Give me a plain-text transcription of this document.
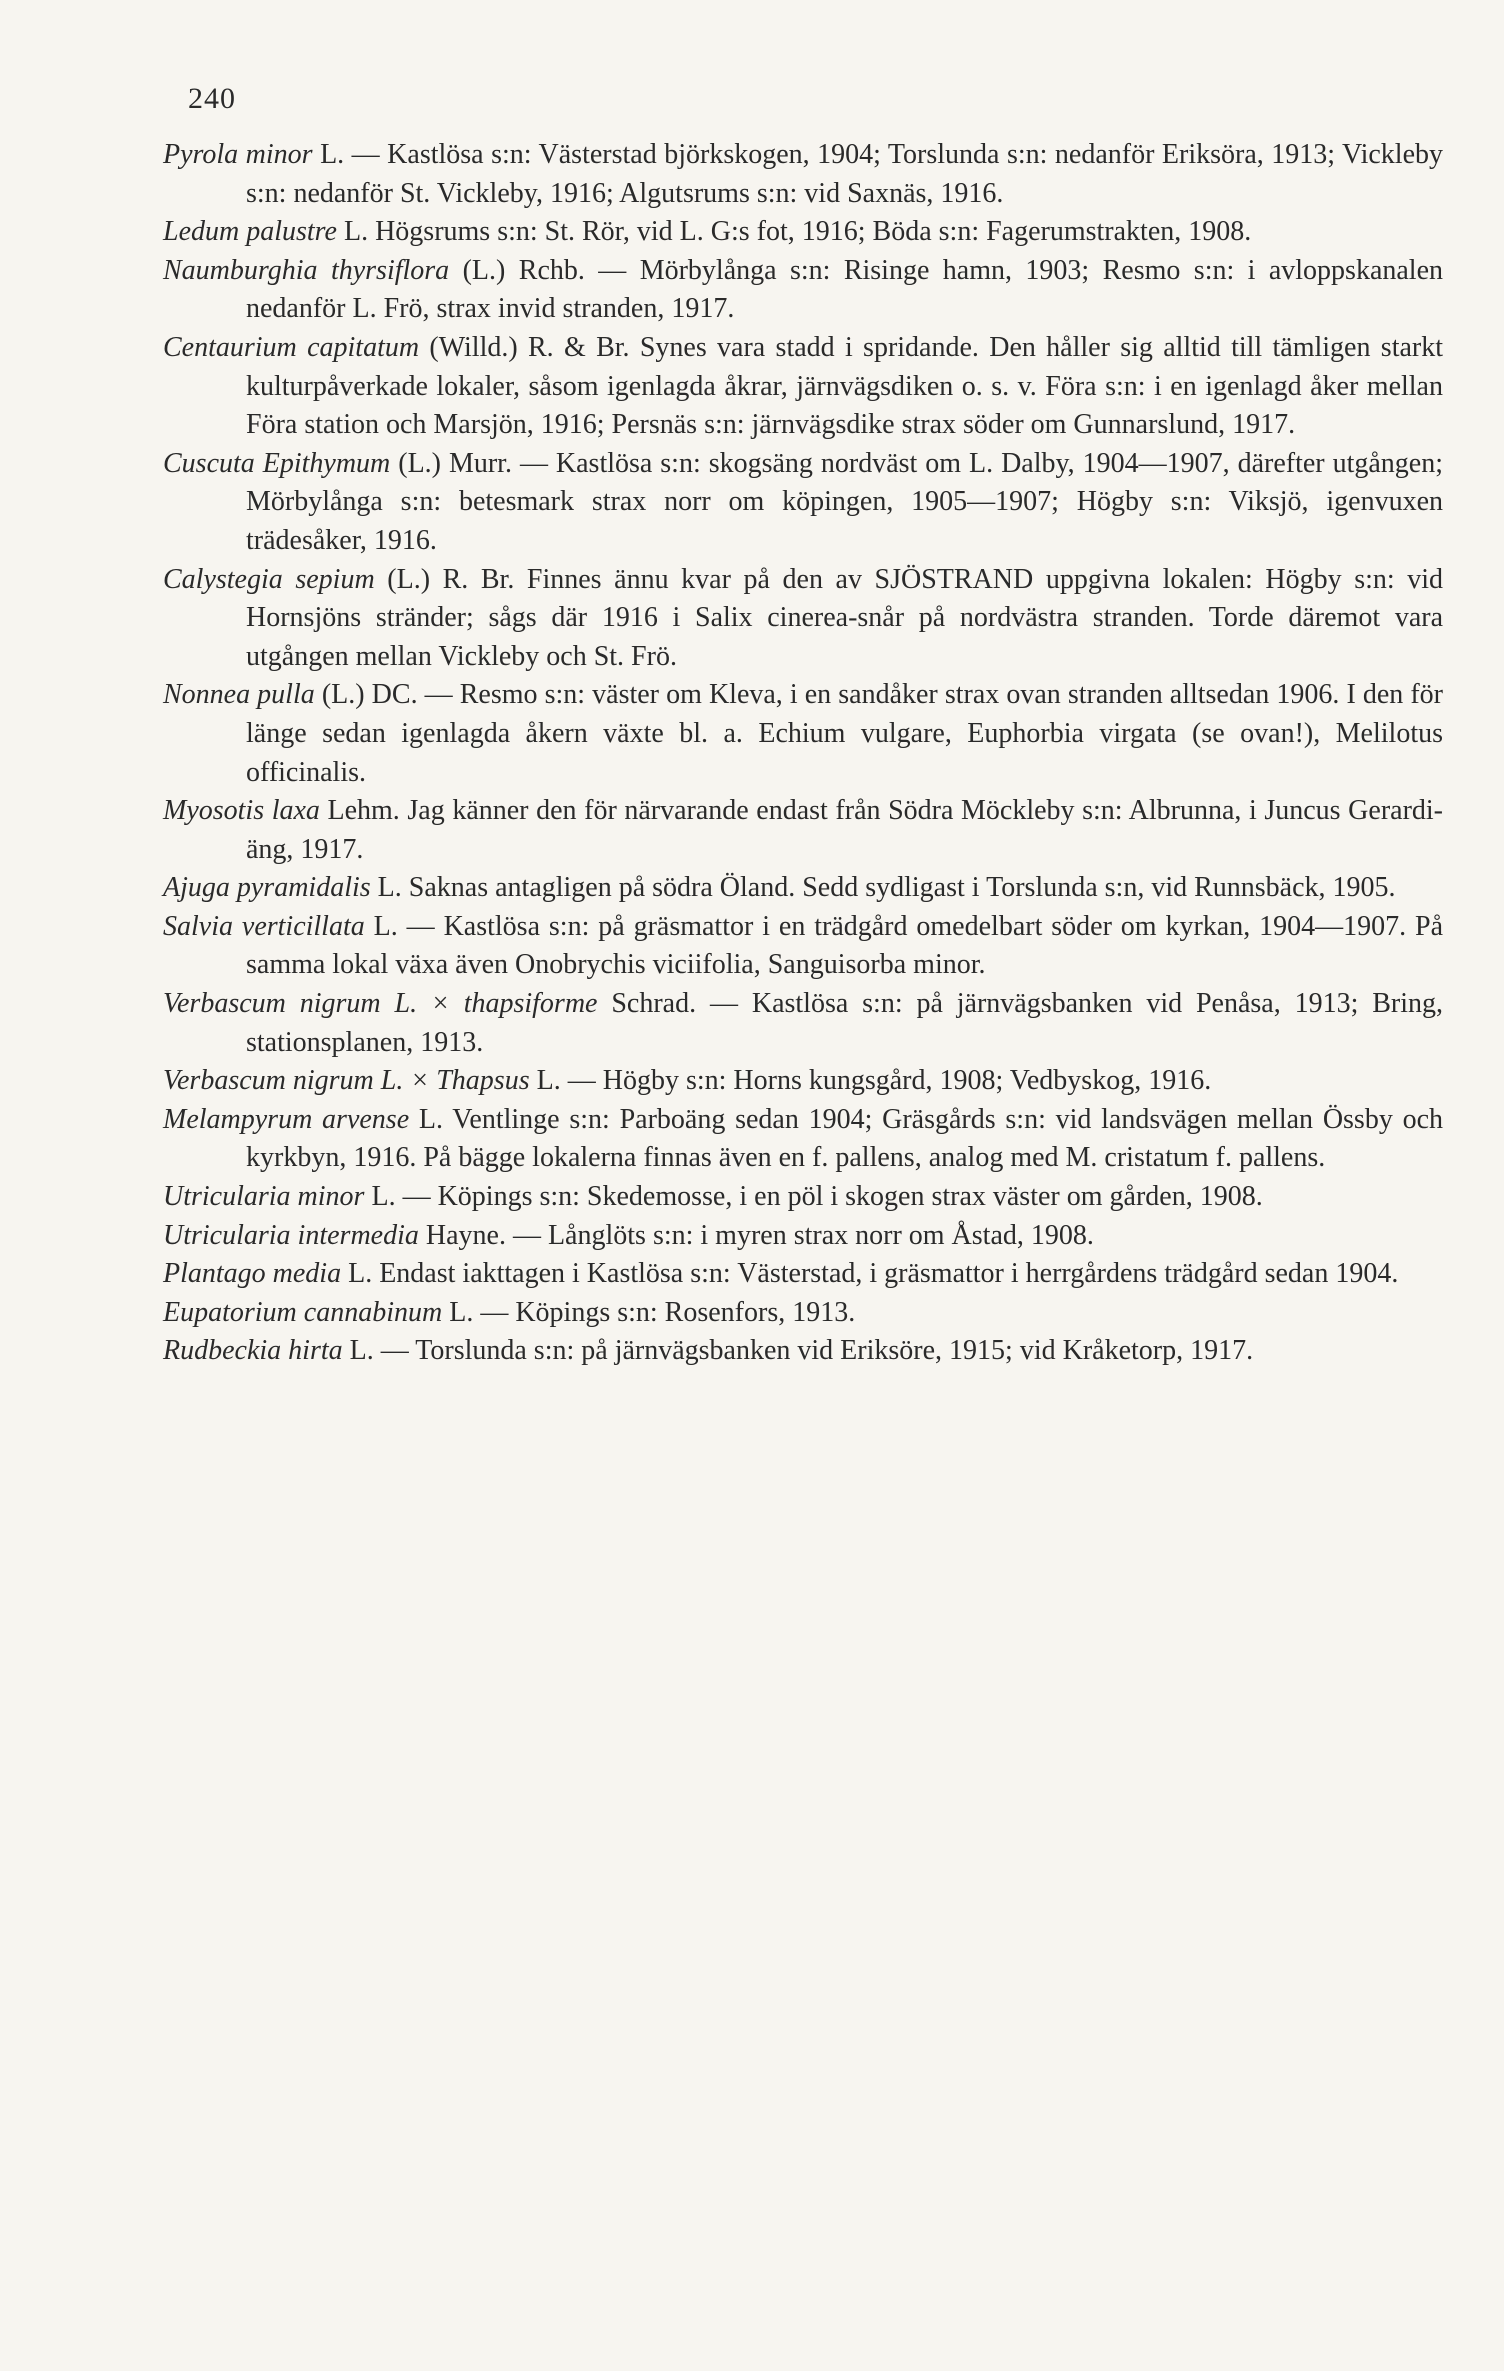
240

Pyrola minor L. — Kastlösa s:n: Västerstad björkskogen, 1904; Torslunda s:n: nedanför Eriksöra, 1913; Vickleby s:n: nedanför St. Vickleby, 1916; Algutsrums s:n: vid Saxnäs, 1916.

Ledum palustre L. Högsrums s:n: St. Rör, vid L. G:s fot, 1916; Böda s:n: Fagerumstrakten, 1908.

Naumburghia thyrsiflora (L.) Rchb. — Mörbylånga s:n: Risinge hamn, 1903; Resmo s:n: i avloppskanalen nedanför L. Frö, strax invid stranden, 1917.

Centaurium capitatum (Willd.) R. & Br. Synes vara stadd i spridande. Den håller sig alltid till tämligen starkt kulturpåverkade lokaler, såsom igenlagda åkrar, järnvägsdiken o. s. v. Föra s:n: i en igenlagd åker mellan Föra station och Marsjön, 1916; Persnäs s:n: järnvägsdike strax söder om Gunnarslund, 1917.

Cuscuta Epithymum (L.) Murr. — Kastlösa s:n: skogsäng nordväst om L. Dalby, 1904—1907, därefter utgången; Mörbylånga s:n: betesmark strax norr om köpingen, 1905—1907; Högby s:n: Viksjö, igenvuxen trädesåker, 1916.

Calystegia sepium (L.) R. Br. Finnes ännu kvar på den av SJÖSTRAND uppgivna lokalen: Högby s:n: vid Hornsjöns stränder; sågs där 1916 i Salix cinerea-snår på nordvästra stranden. Torde däremot vara utgången mellan Vickleby och St. Frö.

Nonnea pulla (L.) DC. — Resmo s:n: väster om Kleva, i en sandåker strax ovan stranden alltsedan 1906. I den för länge sedan igenlagda åkern växte bl. a. Echium vulgare, Euphorbia virgata (se ovan!), Melilotus officinalis.

Myosotis laxa Lehm. Jag känner den för närvarande endast från Södra Möckleby s:n: Albrunna, i Juncus Gerardi-äng, 1917.

Ajuga pyramidalis L. Saknas antagligen på södra Öland. Sedd sydligast i Torslunda s:n, vid Runnsbäck, 1905.

Salvia verticillata L. — Kastlösa s:n: på gräsmattor i en trädgård omedelbart söder om kyrkan, 1904—1907. På samma lokal växa även Onobrychis viciifolia, Sanguisorba minor.

Verbascum nigrum L. × thapsiforme Schrad. — Kastlösa s:n: på järnvägsbanken vid Penåsa, 1913; Bring, stationsplanen, 1913.

Verbascum nigrum L. × Thapsus L. — Högby s:n: Horns kungsgård, 1908; Vedbyskog, 1916.

Melampyrum arvense L. Ventlinge s:n: Parboäng sedan 1904; Gräsgårds s:n: vid landsvägen mellan Össby och kyrkbyn, 1916. På bägge lokalerna finnas även en f. pallens, analog med M. cristatum f. pallens.

Utricularia minor L. — Köpings s:n: Skedemosse, i en pöl i skogen strax väster om gården, 1908.

Utricularia intermedia Hayne. — Långlöts s:n: i myren strax norr om Åstad, 1908.

Plantago media L. Endast iakttagen i Kastlösa s:n: Västerstad, i gräsmattor i herrgårdens trädgård sedan 1904.

Eupatorium cannabinum L. — Köpings s:n: Rosenfors, 1913.

Rudbeckia hirta L. — Torslunda s:n: på järnvägsbanken vid Eriksöre, 1915; vid Kråketorp, 1917.
